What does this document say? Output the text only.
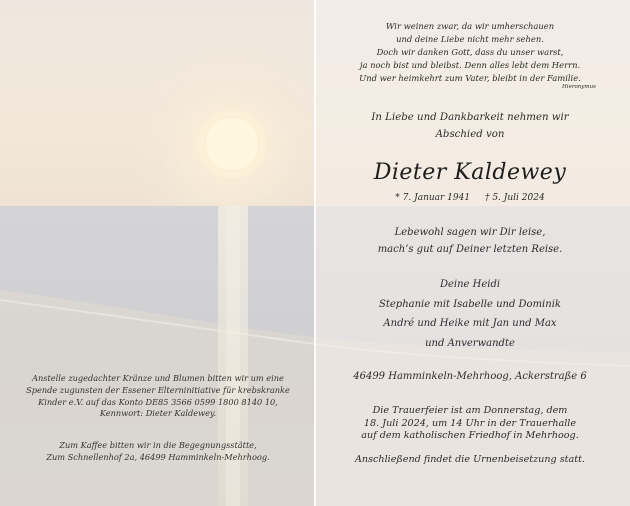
Wir weinen zwar, da wir umherschauen
und deine Liebe nicht mehr sehen.
Doch wir danken Gott, dass du unser warst,
ja noch bist und bleibst. Denn alles lebt dem Herrn.
Und wer heimkehrt zum Vater, bleibt in der Familie.
Hieronymus
In Liebe und Dankbarkeit nehmen wir
Abschied von
Dieter Kaldewey
* 7. Januar 1941 † 5. Juli 2024
Lebewohl sagen wir Dir leise,
mach’s gut auf Deiner letzten Reise.
Deine Heidi
Stephanie mit Isabelle und Dominik
André und Heike mit Jan und Max
und Anverwandte
46499 Hamminkeln-Mehrhoog, Ackerstraße 6
Die Trauerfeier ist am Donnerstag, dem
18. Juli 2024, um 14 Uhr in der Trauerhalle
auf dem katholischen Friedhof in Mehrhoog.
Anschließend findet die Urnenbeisetzung statt.
Anstelle zugedachter Kränze und Blumen bitten wir um eine
Spende zugunsten der Essener Elterninitiative für krebskranke
Kinder e.V. auf das Konto DE85 3566 0599 1800 8140 10,
Kennwort: Dieter Kaldewey.
Zum Kaffee bitten wir in die Begegnungsstätte,
Zum Schnellenhof 2a, 46499 Hamminkeln-Mehrhoog.
